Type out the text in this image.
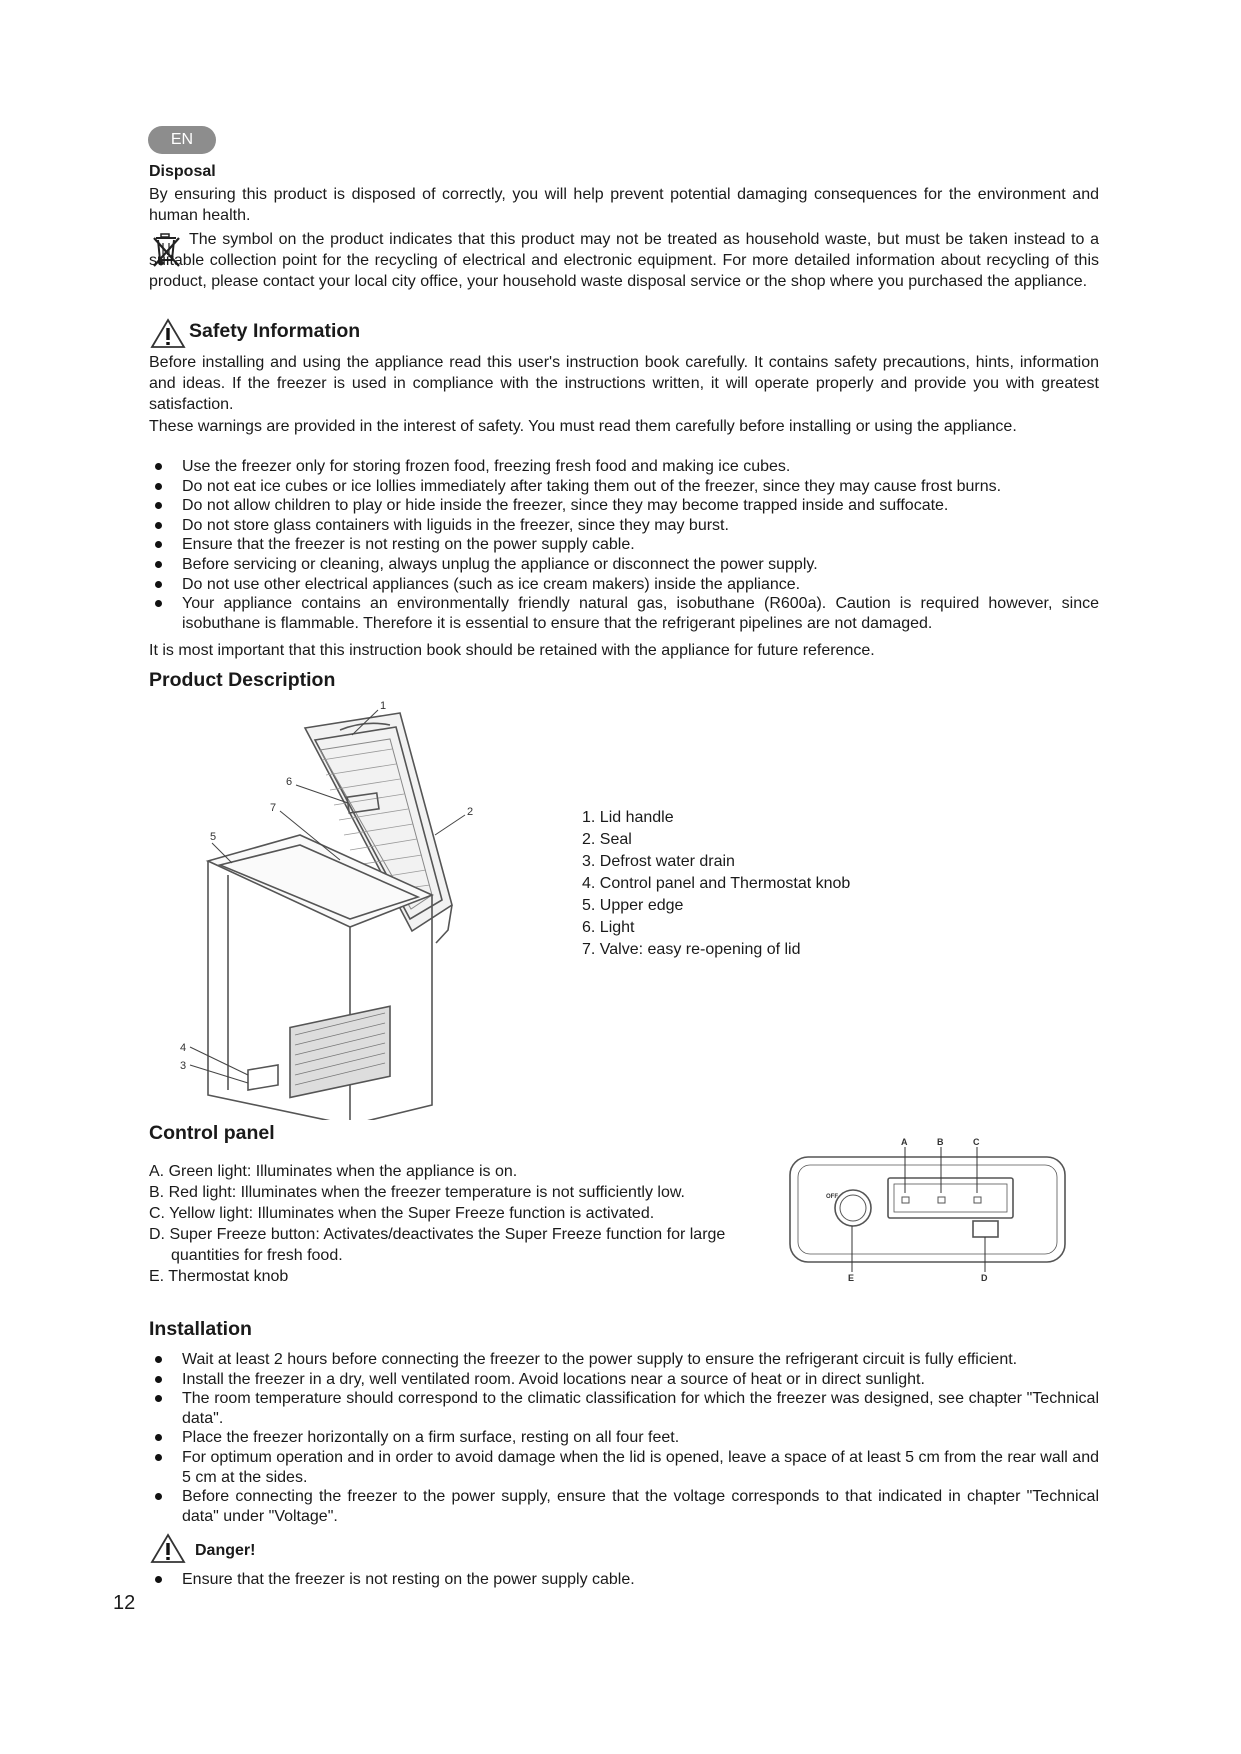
EN
Disposal
By ensuring this product is disposed of correctly, you will help prevent potential damaging consequences for the environment and human health.
The symbol on the product indicates that this product may not be treated as household waste, but must be taken instead to a suitable collection point for the recycling of electrical and electronic equipment. For more detailed information about recycling of this product, please contact your local city office, your household waste disposal service or the shop where you purchased the appliance.
Safety Information
Before installing and using the appliance read this user's instruction book carefully. It contains safety precautions, hints, information and ideas. If the freezer is used in compliance with the instructions written, it will operate properly and provide you with greatest satisfaction.
These warnings are provided in the interest of safety. You must read them carefully before installing or using the appliance.
Use the freezer only for storing frozen food, freezing fresh food and making ice cubes.
Do not eat ice cubes or ice lollies immediately after taking them out of the freezer, since they may cause frost burns.
Do not allow children to play or hide inside the freezer, since they may become trapped inside and suffocate.
Do not store glass containers with liguids in the freezer, since they may burst.
Ensure that the freezer is not resting on the power supply cable.
Before servicing or cleaning, always unplug the appliance or disconnect the power supply.
Do not use other electrical appliances (such as ice cream makers) inside the appliance.
Your appliance contains an environmentally friendly natural gas, isobuthane (R600a). Caution is required however, since isobuthane is flammable. Therefore it is essential to ensure that the refrigerant pipelines are not damaged.
It is most important that this instruction book should be retained with the appliance for future reference.
Product Description
1
2
3
4
5
6
7
1. Lid handle
2. Seal
3. Defrost water drain
4. Control panel and Thermostat knob
5. Upper edge
6. Light
7. Valve: easy re-opening of lid
Control panel
A. Green light: Illuminates when the appliance is on.
B. Red light: Illuminates when the freezer temperature is not sufficiently low.
C. Yellow light: Illuminates when the Super Freeze function is activated.
D. Super Freeze button: Activates/deactivates the Super Freeze function for large quantities for fresh food.
E. Thermostat knob
A	B	C
D
E
OFF
Installation
Wait at least 2 hours before connecting the freezer to the power supply to ensure the refrigerant circuit is fully efficient.
Install the freezer in a dry, well ventilated room. Avoid locations near a source of heat or in direct sunlight.
The room temperature should correspond to the climatic classification for which the freezer was designed, see chapter "Technical data".
Place the freezer horizontally on a firm surface, resting on all four feet.
For optimum operation and in order to avoid damage when the lid is opened, leave a space of at least 5 cm from the rear wall and 5 cm at the sides.
Before connecting the freezer to the power supply, ensure that the voltage corresponds to that indicated in chapter "Technical data" under "Voltage".
Danger!
Ensure that the freezer is not resting on the power supply cable.
12
